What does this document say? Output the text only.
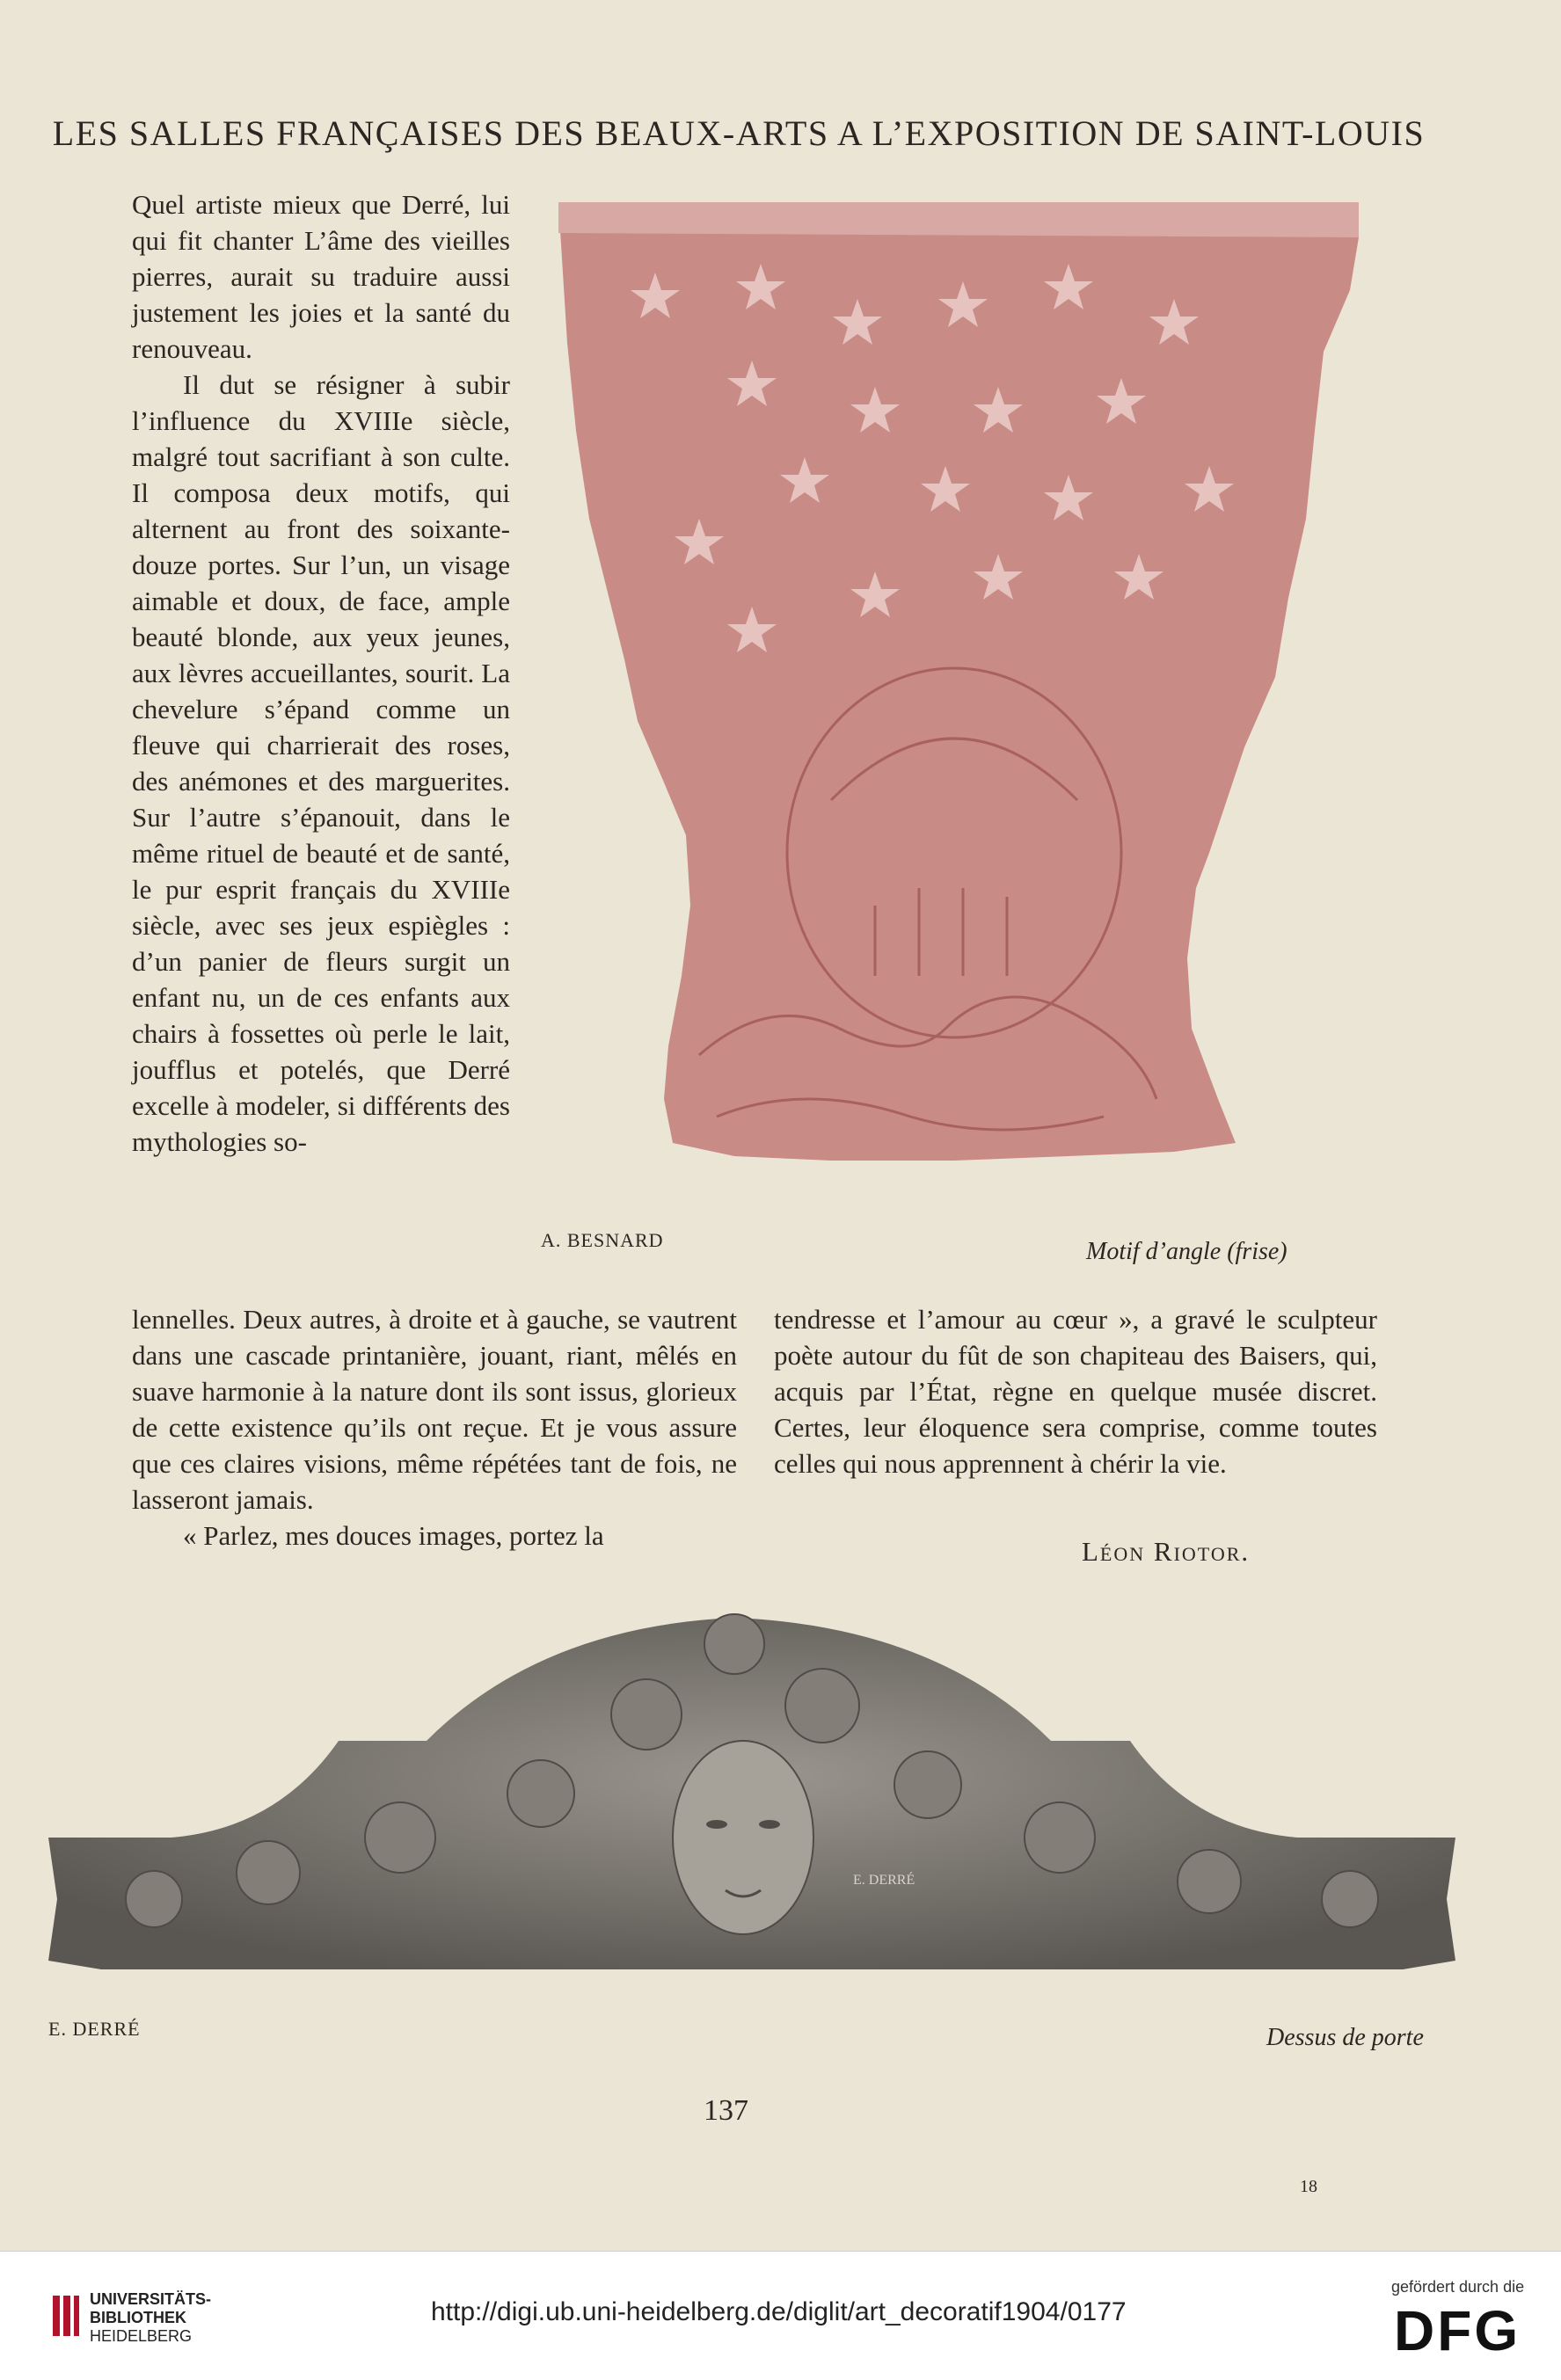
LES SALLES FRANÇAISES DES BEAUX-ARTS A L’EXPOSITION DE SAINT-LOUIS

Quel artiste mieux que Derré, lui qui fit chanter L’âme des vieilles pierres, aurait su traduire aussi justement les joies et la santé du renouveau.

Il dut se résigner à subir l’influence du XVIIIe siècle, malgré tout sacrifiant à son culte. Il composa deux motifs, qui alternent au front des soixante-douze portes. Sur l’un, un visage aimable et doux, de face, ample beauté blonde, aux yeux jeunes, aux lèvres accueillantes, sourit. La chevelure s’épand comme un fleuve qui charrierait des roses, des anémones et des marguerites. Sur l’autre s’épanouit, dans le même rituel de beauté et de santé, le pur esprit français du XVIIIe siècle, avec ses jeux espiègles : d’un panier de fleurs surgit un enfant nu, un de ces enfants aux chairs à fossettes où perle le lait, joufflus et potelés, que Derré excelle à modeler, si différents des mythologies so-

A. BESNARD	Motif d’angle (frise)

lennelles. Deux autres, à droite et à gauche, se vautrent dans une cascade printanière, jouant, riant, mêlés en suave harmonie à la nature dont ils sont issus, glorieux de cette existence qu’ils ont reçue. Et je vous assure que ces claires visions, même répétées tant de fois, ne lasseront jamais.

« Parlez, mes douces images, portez la

tendresse et l’amour au cœur », a gravé le sculpteur poète autour du fût de son chapiteau des Baisers, qui, acquis par l’État, règne en quelque musée discret. Certes, leur éloquence sera comprise, comme toutes celles qui nous apprennent à chérir la vie.

Léon Riotor.
E. DERRÉ
E. DERRÉ	Dessus de porte
137
18
UNIVERSITÄTS-
BIBLIOTHEK
HEIDELBERG
http://digi.ub.uni-heidelberg.de/diglit/art_decoratif1904/0177
gefördert durch die
DFG
